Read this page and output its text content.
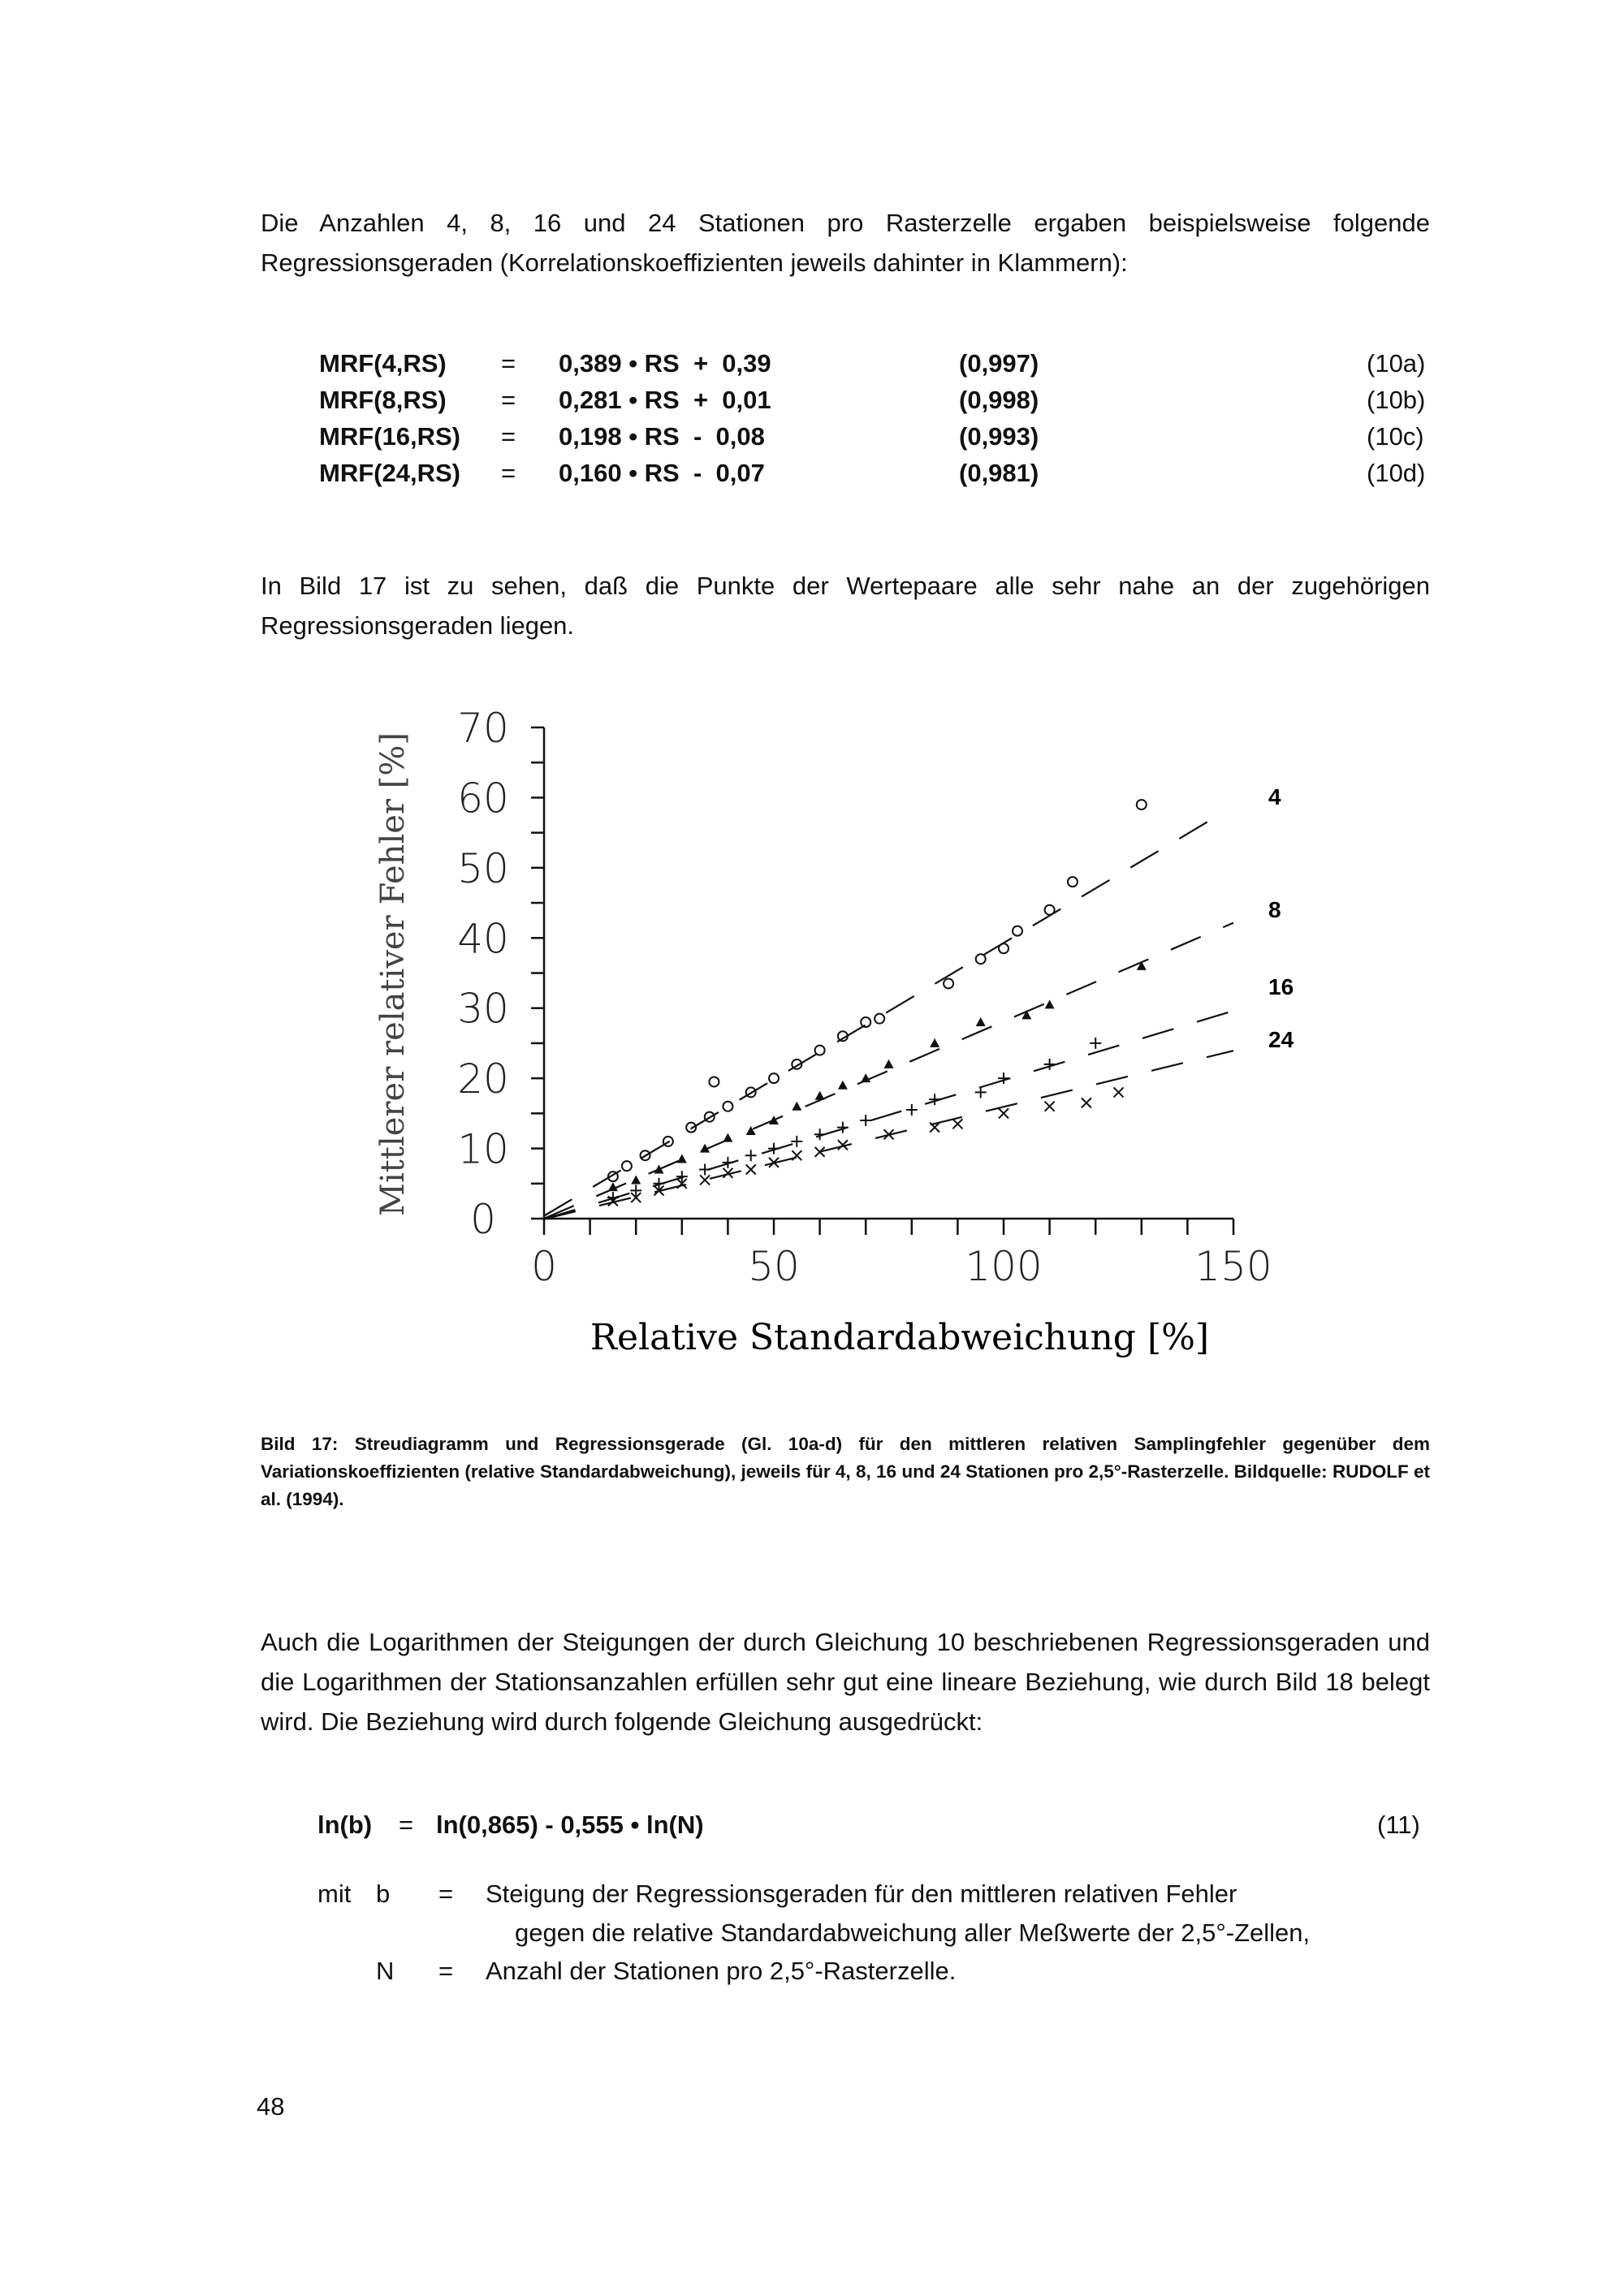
Die Anzahlen 4, 8, 16 und 24 Stationen pro Rasterzelle ergaben beispielsweise folgende Regressionsgeraden (Korrelationskoeffizienten jeweils dahinter in Klammern):
MRF(4,RS) = 0,389 • RS  +  0,39	(0,997)	(10a)
MRF(8,RS) = 0,281 • RS  +  0,01	(0,998)	(10b)
MRF(16,RS) = 0,198 • RS  -  0,08	(0,993)	(10c)
MRF(24,RS) = 0,160 • RS  -  0,07	(0,981)	(10d)
In Bild 17 ist zu sehen, daß die Punkte der Wertepaare alle sehr nahe an der zugehörigen Regressionsgeraden liegen.
0	50	100	150
0
10
20
30
40
50
60
70
4
8
16
24
Relative Standardabweichung [%]
Mittlerer relativer Fehler [%]
Bild 17: Streudiagramm und Regressionsgerade (Gl. 10a-d) für den mittleren relativen Samplingfehler gegenüber dem Variationskoeffizienten (relative Standardabweichung), jeweils für 4, 8, 16 und 24 Stationen pro 2,5°-Rasterzelle. Bildquelle: RUDOLF et al. (1994).
Auch die Logarithmen der Steigungen der durch Gleichung 10 beschriebenen Regressionsgeraden und die Logarithmen der Stationsanzahlen erfüllen sehr gut eine lineare Beziehung, wie durch Bild 18 belegt wird. Die Beziehung wird durch folgende Gleichung ausgedrückt:
ln(b) = ln(0,865) - 0,555 • ln(N)	(11)
mit b = Steigung der Regressionsgeraden für den mittleren relativen Fehler
gegen die relative Standardabweichung aller Meßwerte der 2,5°-Zellen,
N = Anzahl der Stationen pro 2,5°-Rasterzelle.
48
